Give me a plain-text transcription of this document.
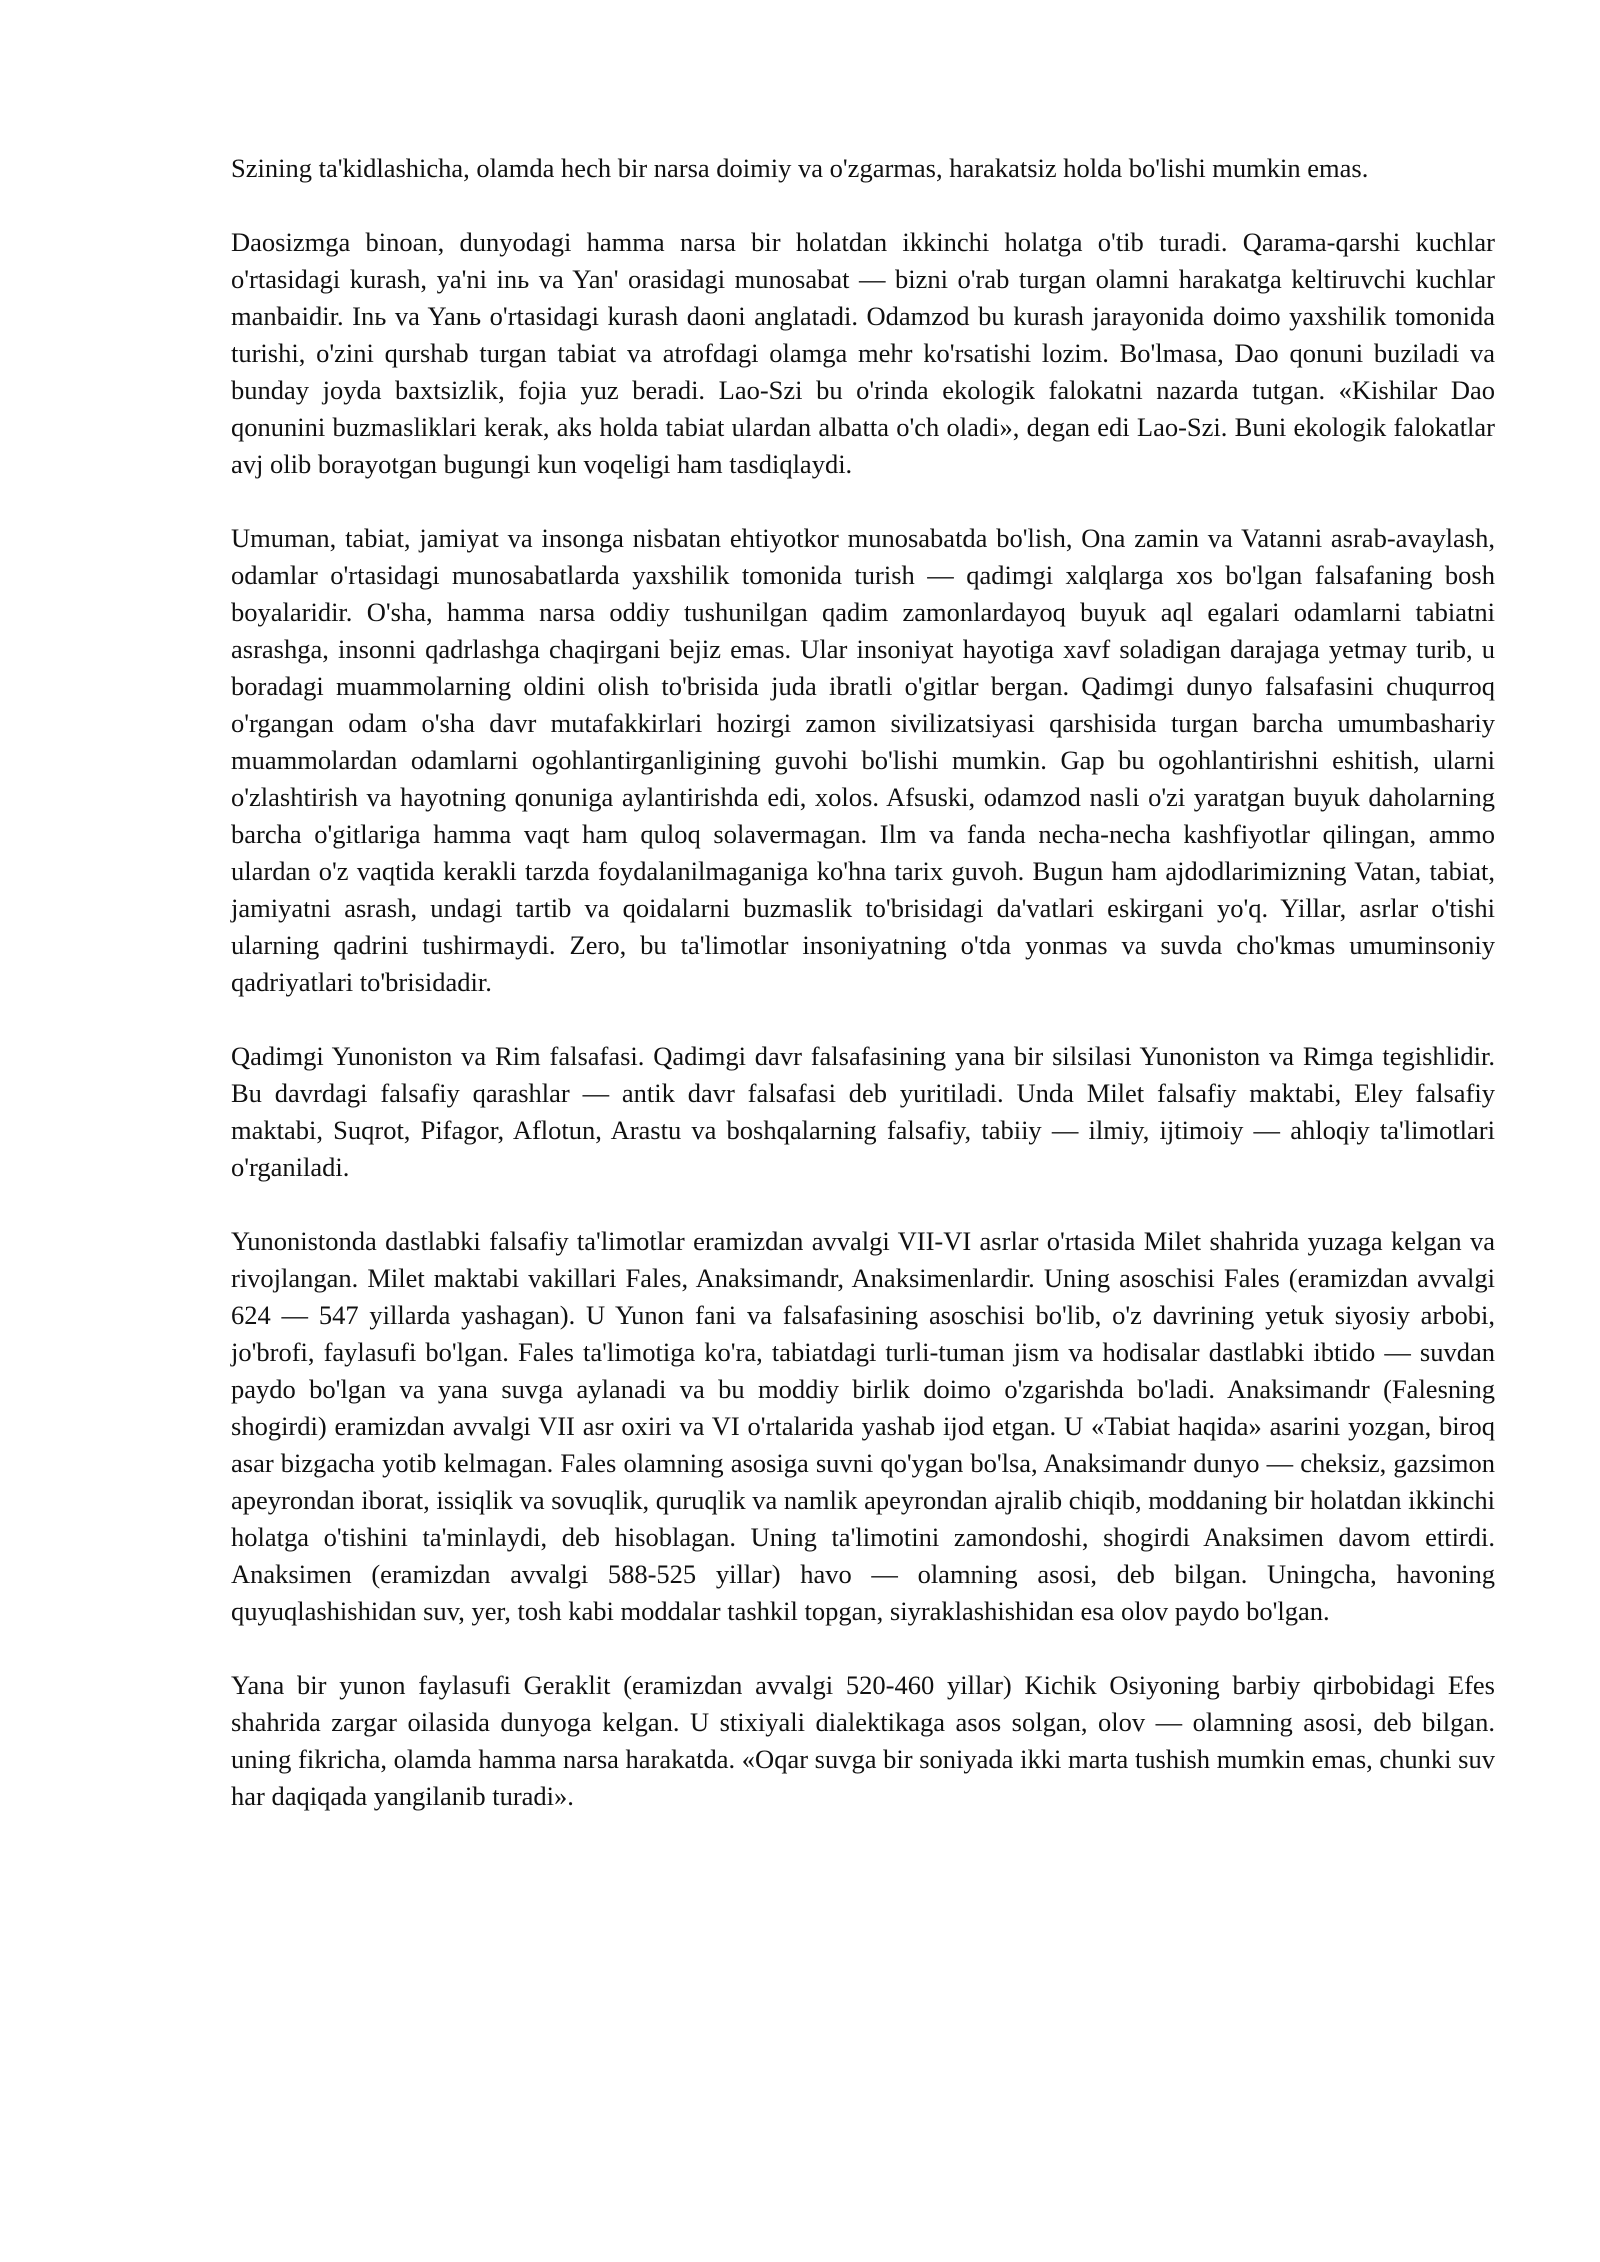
Szining ta'kidlashicha, olamda hech bir narsa doimiy va o'zgarmas, harakatsiz holda bo'lishi mumkin emas.

Daosizmga binoan, dunyodagi hamma narsa bir holatdan ikkinchi holatga o'tib turadi. Qarama-qarshi kuchlar o'rtasidagi kurash, ya'ni inь va Yan' orasidagi munosabat — bizni o'rab turgan olamni harakatga keltiruvchi kuchlar manbaidir. Inь va Yanь o'rtasidagi kurash daoni anglatadi. Odamzod bu kurash jarayonida doimo yaxshilik tomonida turishi, o'zini qurshab turgan tabiat va atrofdagi olamga mehr ko'rsatishi lozim. Bo'lmasa, Dao qonuni buziladi va bunday joyda baxtsizlik, fojia yuz beradi. Lao-Szi bu o'rinda ekologik falokatni nazarda tutgan. «Kishilar Dao qonunini buzmasliklari kerak, aks holda tabiat ulardan albatta o'ch oladi», degan edi Lao-Szi. Buni ekologik falokatlar avj olib borayotgan bugungi kun voqeligi ham tasdiqlaydi.

Umuman, tabiat, jamiyat va insonga nisbatan ehtiyotkor munosabatda bo'lish, Ona zamin va Vatanni asrab-avaylash, odamlar o'rtasidagi munosabatlarda yaxshilik tomonida turish — qadimgi xalqlarga xos bo'lgan falsafaning bosh boyalaridir. O'sha, hamma narsa oddiy tushunilgan qadim zamonlardayoq buyuk aql egalari odamlarni tabiatni asrashga, insonni qadrlashga chaqirgani bejiz emas. Ular insoniyat hayotiga xavf soladigan darajaga yetmay turib, u boradagi muammolarning oldini olish to'brisida juda ibratli o'gitlar bergan. Qadimgi dunyo falsafasini chuqurroq o'rgangan odam o'sha davr mutafakkirlari hozirgi zamon sivilizatsiyasi qarshisida turgan barcha umumbashariy muammolardan odamlarni ogohlantirganligining guvohi bo'lishi mumkin. Gap bu ogohlantirishni eshitish, ularni o'zlashtirish va hayotning qonuniga aylantirishda edi, xolos. Afsuski, odamzod nasli o'zi yaratgan buyuk daholarning barcha o'gitlariga hamma vaqt ham quloq solavermagan. Ilm va fanda necha-necha kashfiyotlar qilingan, ammo ulardan o'z vaqtida kerakli tarzda foydalanilmaganiga ko'hna tarix guvoh. Bugun ham ajdodlarimizning Vatan, tabiat, jamiyatni asrash, undagi tartib va qoidalarni buzmaslik to'brisidagi da'vatlari eskirgani yo'q. Yillar, asrlar o'tishi ularning qadrini tushirmaydi. Zero, bu ta'limotlar insoniyatning o'tda yonmas va suvda cho'kmas umuminsoniy qadriyatlari to'brisidadir.

Qadimgi Yunoniston va Rim falsafasi. Qadimgi davr falsafasining yana bir silsilasi Yunoniston va Rimga tegishlidir. Bu davrdagi falsafiy qarashlar — antik davr falsafasi deb yuritiladi. Unda Milet falsafiy maktabi, Eley falsafiy maktabi, Suqrot, Pifagor, Aflotun, Arastu va boshqalarning falsafiy, tabiiy — ilmiy, ijtimoiy — ahloqiy ta'limotlari o'rganiladi.

Yunonistonda dastlabki falsafiy ta'limotlar eramizdan avvalgi VII-VI asrlar o'rtasida Milet shahrida yuzaga kelgan va rivojlangan. Milet maktabi vakillari Fales, Anaksimandr, Anaksimenlardir. Uning asoschisi Fales (eramizdan avvalgi 624 — 547 yillarda yashagan). U Yunon fani va falsafasining asoschisi bo'lib, o'z davrining yetuk siyosiy arbobi, jo'brofi, faylasufi bo'lgan. Fales ta'limotiga ko'ra, tabiatdagi turli-tuman jism va hodisalar dastlabki ibtido — suvdan paydo bo'lgan va yana suvga aylanadi va bu moddiy birlik doimo o'zgarishda bo'ladi. Anaksimandr (Falesning shogirdi) eramizdan avvalgi VII asr oxiri va VI o'rtalarida yashab ijod etgan. U «Tabiat haqida» asarini yozgan, biroq asar bizgacha yotib kelmagan. Fales olamning asosiga suvni qo'ygan bo'lsa, Anaksimandr dunyo — cheksiz, gazsimon apeyrondan iborat, issiqlik va sovuqlik, quruqlik va namlik apeyrondan ajralib chiqib, moddaning bir holatdan ikkinchi holatga o'tishini ta'minlaydi, deb hisoblagan. Uning ta'limotini zamondoshi, shogirdi Anaksimen davom ettirdi. Anaksimen (eramizdan avvalgi 588-525 yillar) havo — olamning asosi, deb bilgan. Uningcha, havoning quyuqlashishidan suv, yer, tosh kabi moddalar tashkil topgan, siyraklashishidan esa olov paydo bo'lgan.

Yana bir yunon faylasufi Geraklit (eramizdan avvalgi 520-460 yillar) Kichik Osiyoning barbiy qirbobidagi Efes shahrida zargar oilasida dunyoga kelgan. U stixiyali dialektikaga asos solgan, olov — olamning asosi, deb bilgan. uning fikricha, olamda hamma narsa harakatda. «Oqar suvga bir soniyada ikki marta tushish mumkin emas, chunki suv har daqiqada yangilanib turadi».
